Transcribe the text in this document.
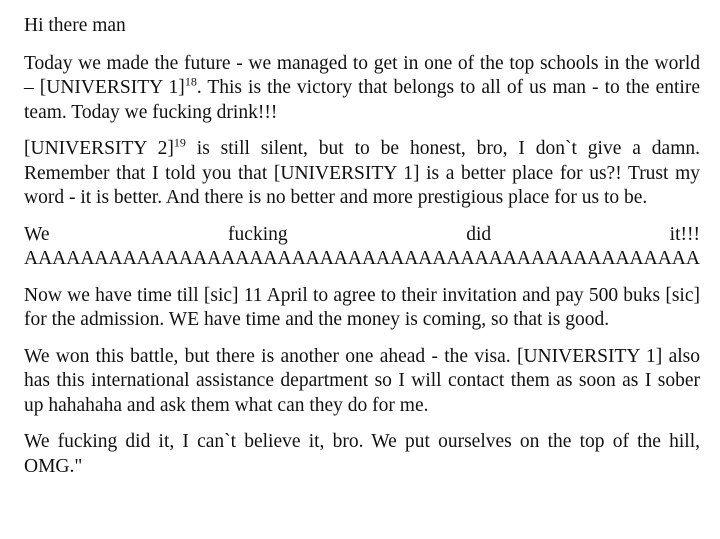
Hi there man

Today we made the future - we managed to get in one of the top schools in the world – [UNIVERSITY 1]$^{18}$. This is the victory that belongs to all of us man - to the entire team. Today we fucking drink!!!

[UNIVERSITY 2]$^{19}$ is still silent, but to be honest, bro, I don`t give a damn. Remember that I told you that [UNIVERSITY 1] is a better place for us?! Trust my word - it is better. And there is no better and more prestigious place for us to be.

We fucking did it!!!
AAAAAAAAAAAAAAAAAAAAAAAAAAAAAAAAAAAAAAAAAAAAAAAA

Now we have time till [sic] 11 April to agree to their invitation and pay 500 buks [sic] for the admission. WE have time and the money is coming, so that is good.

We won this battle, but there is another one ahead - the visa. [UNIVERSITY 1] also has this international assistance department so I will contact them as soon as I sober up hahahaha and ask them what can they do for me.

We fucking did it, I can`t believe it, bro. We put ourselves on the top of the hill, OMG."
